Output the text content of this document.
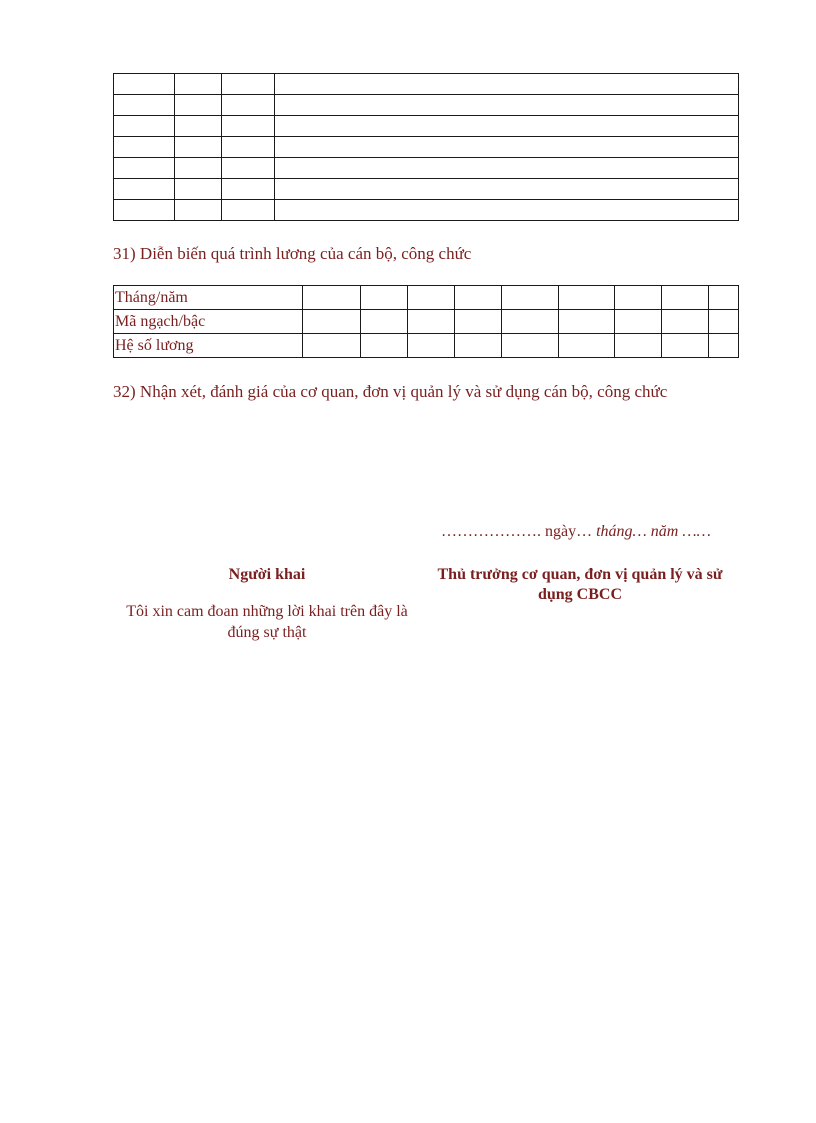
31) Diễn biến quá trình lương của cán bộ, công chức
Tháng/năm									
Mã ngạch/bậc									
Hệ số lương									
32) Nhận xét, đánh giá của cơ quan, đơn vị quản lý và sử dụng cán bộ, công chức
………………. ngày… tháng… năm ……

Người khai

Tôi xin cam đoan những lời khai trên đây là đúng sự thật

Thủ trưởng cơ quan, đơn vị quản lý và sử dụng CBCC
